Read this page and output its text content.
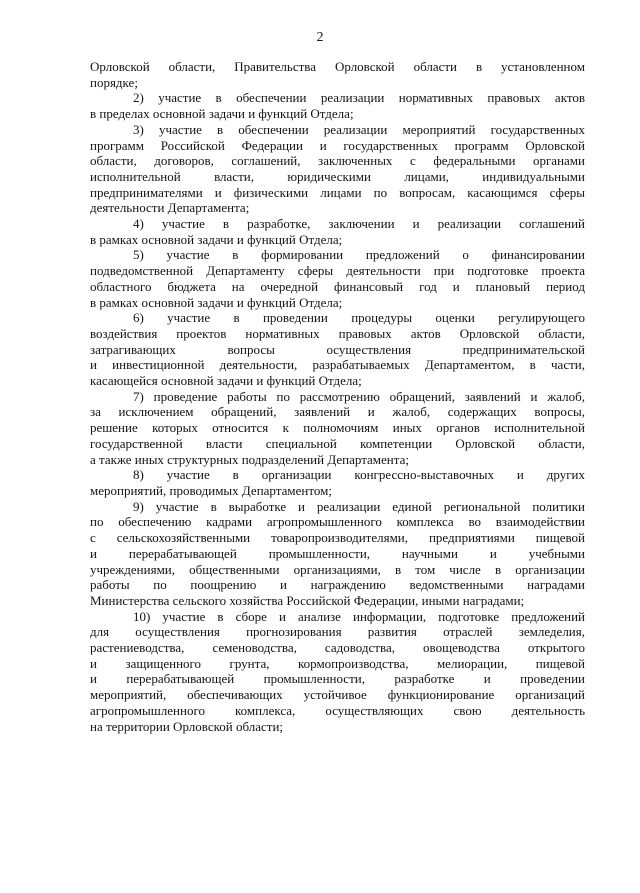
2
Орловской области, Правительства Орловской области в установленном
порядке;
2) участие в обеспечении реализации нормативных правовых актов
в пределах основной задачи и функций Отдела;
3) участие в обеспечении реализации мероприятий государственных
программ Российской Федерации и государственных программ Орловской
области, договоров, соглашений, заключенных с федеральными органами
исполнительной власти, юридическими лицами, индивидуальными
предпринимателями и физическими лицами по вопросам, касающимся сферы
деятельности Департамента;
4) участие в разработке, заключении и реализации соглашений
в рамках основной задачи и функций Отдела;
5) участие в формировании предложений о финансировании
подведомственной Департаменту сферы деятельности при подготовке проекта
областного бюджета на очередной финансовый год и плановый период
в рамках основной задачи и функций Отдела;
6) участие в проведении процедуры оценки регулирующего
воздействия проектов нормативных правовых актов Орловской области,
затрагивающих вопросы осуществления предпринимательской
и инвестиционной деятельности, разрабатываемых Департаментом, в части,
касающейся основной задачи и функций Отдела;
7) проведение работы по рассмотрению обращений, заявлений и жалоб,
за исключением обращений, заявлений и жалоб, содержащих вопросы,
решение которых относится к полномочиям иных органов исполнительной
государственной власти специальной компетенции Орловской области,
а также иных структурных подразделений Департамента;
8) участие в организации конгрессно-выставочных и других
мероприятий, проводимых Департаментом;
9) участие в выработке и реализации единой региональной политики
по обеспечению кадрами агропромышленного комплекса во взаимодействии
с сельскохозяйственными товаропроизводителями, предприятиями пищевой
и перерабатывающей промышленности, научными и учебными
учреждениями, общественными организациями, в том числе в организации
работы по поощрению и награждению ведомственными наградами
Министерства сельского хозяйства Российской Федерации, иными наградами;
10) участие в сборе и анализе информации, подготовке предложений
для осуществления прогнозирования развития отраслей земледелия,
растениеводства, семеноводства, садоводства, овощеводства открытого
и защищенного грунта, кормопроизводства, мелиорации, пищевой
и перерабатывающей промышленности, разработке и проведении
мероприятий, обеспечивающих устойчивое функционирование организаций
агропромышленного комплекса, осуществляющих свою деятельность
на территории Орловской области;
